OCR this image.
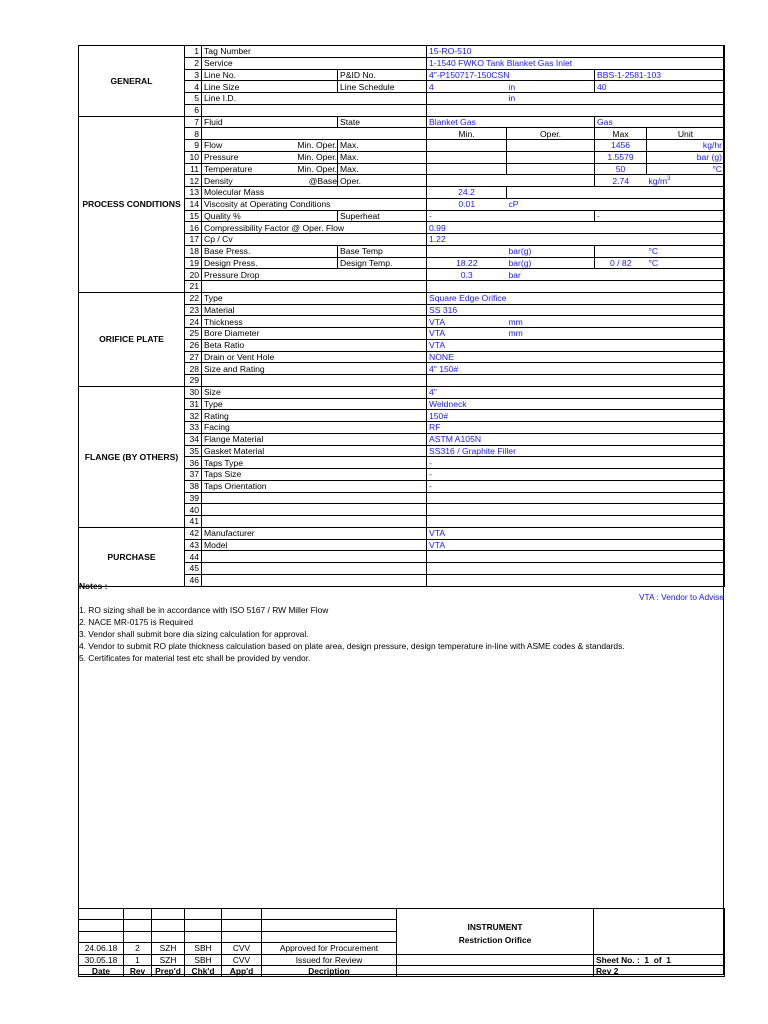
GENERAL	1	Tag Number			15-RO-510			
	2	Service			1-1540 FWKO Tank Blanket Gas Inlet			
	3	Line No.		P&ID No.	4"-P150717-150CSN		BBS-1-2581-103	
	4	Line Size		Line Schedule	4	in	40	
	5	Line I.D.				in		
	6							
PROCESS CONDITIONS	7	Fluid		State	Blanket Gas		Gas	
	8				Min.	Oper.	Max	Unit
	9	Flow	Min. Oper.	Max.			1456	kg/hr
	10	Pressure	Min. Oper.	Max.			1.5579	bar (g)
	11	Temperature	Min. Oper.	Max.			50	°C
	12	Density	@Base	Oper.			2.74	$kg/m^3$
	13	Molecular Mass			24.2			
	14	Viscosity at Operating Conditions			0.01	cP		
	15	Quality %		Superheat	-		-	
	16	Compressibility Factor @ Oper. Flow			0.99			
	17	Cp / Cv			1.22			
	18	Base Press.		Base Temp		bar(g)		°C
	19	Design Press.		Design Temp.	18.22	bar(g)	0 / 82	°C
	20	Pressure Drop			0.3	bar		
	21							
ORIFICE PLATE	22	Type			Square Edge Orifice			
	23	Material			SS 316			
	24	Thickness			VTA	mm		
	25	Bore Diameter			VTA	mm		
	26	Beta Ratio			VTA			
	27	Drain or Vent Hole			NONE			
	28	Size and Rating			4" 150#			
	29							
FLANGE (BY OTHERS)	30	Size			4"			
	31	Type			Weldneck			
	32	Rating			150#			
	33	Facing			RF			
	34	Flange Material			ASTM A105N			
	35	Gasket Material			SS316 / Graphite Filler			
	36	Taps Type			-			
	37	Taps Size			-			
	38	Taps Orientation			-			
	39							
	40							
	41							
PURCHASE	42	Manufacturer			VTA			
	43	Model			VTA			
	44							
	45							
	46							
Notes :
1. RO sizing shall be in accordance with ISO 5167 / RW Miller Flow
2. NACE MR-0175 is Required
3. Vendor shall submit bore dia sizing calculation for approval.
4. Vendor to submit RO plate thickness calculation based on plate area, design pressure, design temperature in-line with ASME codes & standards.
5. Certificates for material test etc shall be provided by vendor.
VTA : Vendor to Advise

						INSTRUMENT
Restriction Orifice	

24.06.18	2	SZH	SBH	CVV	Approved for Procurement		
30.05.18	1	SZH	SBH	CVV	Issued for Review		Sheet No. : 1 of 1
Date	Rev	Prep'd	Chk'd	App'd	Decription		Rev 2
